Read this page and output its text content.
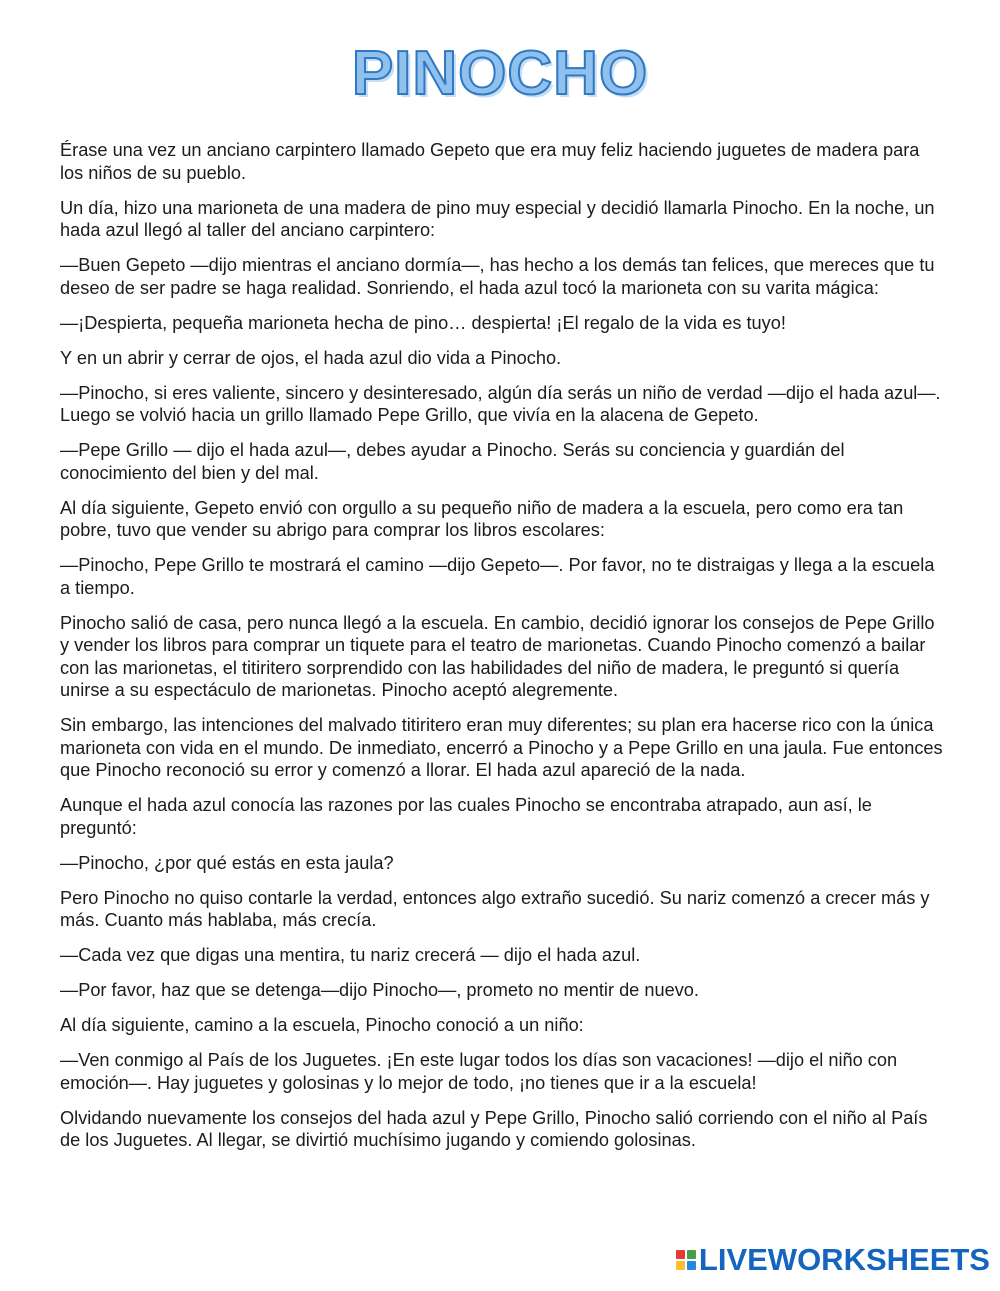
PINOCHO

Érase una vez un anciano carpintero llamado Gepeto que era muy feliz haciendo juguetes de madera para los niños de su pueblo.

Un día, hizo una marioneta de una madera de pino muy especial y decidió llamarla Pinocho. En la noche, un hada azul llegó al taller del anciano carpintero:

—Buen Gepeto —dijo mientras el anciano dormía—, has hecho a los demás tan felices, que mereces que tu deseo de ser padre se haga realidad. Sonriendo, el hada azul tocó la marioneta con su varita mágica:

—¡Despierta, pequeña marioneta hecha de pino… despierta! ¡El regalo de la vida es tuyo!

Y en un abrir y cerrar de ojos, el hada azul dio vida a Pinocho.

—Pinocho, si eres valiente, sincero y desinteresado, algún día serás un niño de verdad —dijo el hada azul—. Luego se volvió hacia un grillo llamado Pepe Grillo, que vivía en la alacena de Gepeto.

—Pepe Grillo — dijo el hada azul—, debes ayudar a Pinocho. Serás su conciencia y guardián del conocimiento del bien y del mal.

Al día siguiente, Gepeto envió con orgullo a su pequeño niño de madera a la escuela, pero como era tan pobre, tuvo que vender su abrigo para comprar los libros escolares:

—Pinocho, Pepe Grillo te mostrará el camino —dijo Gepeto—. Por favor, no te distraigas y llega a la escuela a tiempo.

Pinocho salió de casa, pero nunca llegó a la escuela. En cambio, decidió ignorar los consejos de Pepe Grillo y vender los libros para comprar un tiquete para el teatro de marionetas. Cuando Pinocho comenzó a bailar con las marionetas, el titiritero sorprendido con las habilidades del niño de madera, le preguntó si quería unirse a su espectáculo de marionetas. Pinocho aceptó alegremente.

Sin embargo, las intenciones del malvado titiritero eran muy diferentes; su plan era hacerse rico con la única marioneta con vida en el mundo. De inmediato, encerró a Pinocho y a Pepe Grillo en una jaula. Fue entonces que Pinocho reconoció su error y comenzó a llorar. El hada azul apareció de la nada.

Aunque el hada azul conocía las razones por las cuales Pinocho se encontraba atrapado, aun así, le preguntó:

—Pinocho, ¿por qué estás en esta jaula?

Pero Pinocho no quiso contarle la verdad, entonces algo extraño sucedió. Su nariz comenzó a crecer más y más. Cuanto más hablaba, más crecía.

—Cada vez que digas una mentira, tu nariz crecerá — dijo el hada azul.

—Por favor, haz que se detenga—dijo Pinocho—, prometo no mentir de nuevo.

Al día siguiente, camino a la escuela, Pinocho conoció a un niño:

—Ven conmigo al País de los Juguetes. ¡En este lugar todos los días son vacaciones! —dijo el niño con emoción—. Hay juguetes y golosinas y lo mejor de todo, ¡no tienes que ir a la escuela!

Olvidando nuevamente los consejos del hada azul y Pepe Grillo, Pinocho salió corriendo con el niño al País de los Juguetes. Al llegar, se divirtió muchísimo jugando y comiendo golosinas.

LIVEWORKSHEETS
